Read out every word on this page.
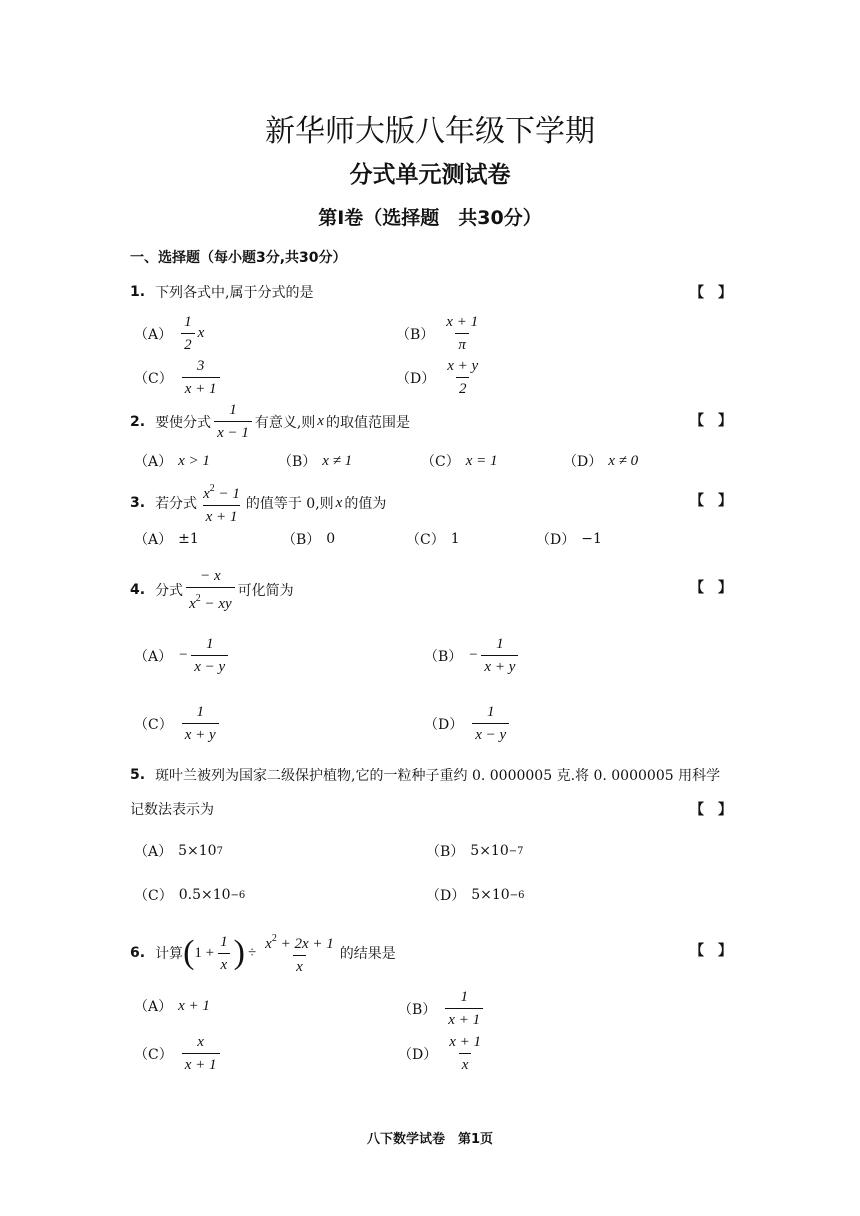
新华师大版八年级下学期
分式单元测试卷
第Ⅰ卷（选择题　共30分）
一、选择题（每小题3分,共30分）
1. 下列各式中,属于分式的是	【　】
$(A) \frac{1}{2}$ x	$(B) \frac{x + 1}{\pi}$
$(C) \frac{3}{x + 1}$	$(D) \frac{x + y}{2}$
2. 要使分式 $\frac{1}{x - 1}$ 有意义,则 x 的取值范围是	【　】
（A） x > 1	（B） x ≠ 1	（C） x = 1	（D） x ≠ 0
3. 若分式 $\frac{x^2 - 1}{x + 1}$ 的值等于 0,则 x 的值为	【　】
（A） ±1	（B） 0	（C） 1	（D） −1
4. 分式 $\frac{- x}{x^2 - xy}$ 可化简为	【　】
$(A) - \frac{1}{x - y}$	$(B) - \frac{1}{x + y}$
$(C) \frac{1}{x + y}$	$(D) \frac{1}{x - y}$
5. 斑叶兰被列为国家二级保护植物,它的一粒种子重约 0. 0000005 克.将 0. 0000005 用科学
记数法表示为	【　】
（A） 5×10 7	（B） 5×10 −7
（C） 0.5×10 −6	（D） 5×10 −6
6. 计算 ( $1 + \frac{1}{x}$ ) ÷ $\frac{x^2 + 2x + 1}{x}$ 的结果是	【　】
（A） x + 1	$(B) \frac{1}{x + 1}$
$(C) \frac{x}{x + 1}$	$(D) \frac{x + 1}{x}$
八下数学试卷　第1页
